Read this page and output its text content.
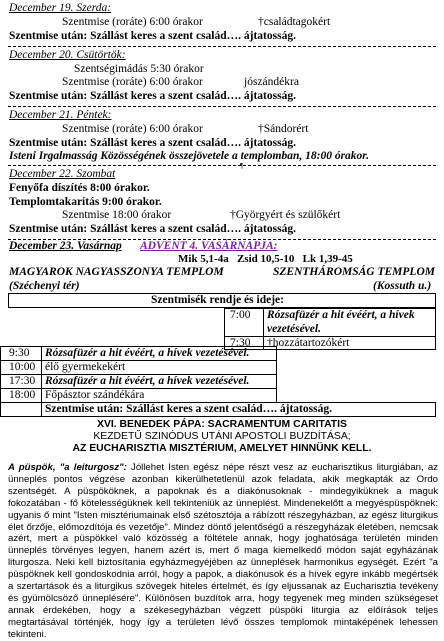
December 19. Szerda:
Szentmise (roráte) 6:00 órakor	†családtagokért
Szentmise után: Szállást keres a szent család…. ájtatosság.
December 20. Csütörtök:
Szentségimádás 5:30 órakor
Szentmise (roráte) 6:00 órakor	jószándékra
Szentmise után: Szállást keres a szent család…. ájtatosság.
December 21. Péntek:
Szentmise (roráte) 6:00 órakor	†Sándorért
Szentmise után: Szállást keres a szent család…. ájtatosság.
Isteni Irgalmasság Közösségének összejövetele a templomban, 18:00 órakor.
¶
December 22. Szombat
Fenyőfa díszítés 8:00 órakor.
Templomtakarítás 9:00 órakor.
Szentmise 18:00 órakor	†Györgyért és szülőkért
Szentmise után: Szállást keres a szent család…. ájtatosság.
December 23. Vasárnap ADVENT 4. VASÁRNAPJA:
Mik 5,1-4a   Zsid 10,5-10   Lk 1,39-45
MAGYAROK NAGYASSZONYA TEMPLOM
(Széchenyi tér)
SZENTHÁROMSÁG TEMPLOM
(Kossuth u.)
Szentmisék rendje és ideje:
7:00 Rózsafüzér a hit évéért, a hívek vezetésével.
7:30 †hozzátartozókért
9:30 Rózsafüzér a hit évéért, a hívek vezetésével.
10:00 élő gyermekekért
17:30 Rózsafüzér a hit évéért, a hívek vezetésével.
18:00 Főpásztor szándékára
Szentmise után: Szállást keres a szent család…. ájtatosság.
XVI. BENEDEK PÁPA: SACRAMENTUM CARITATIS
KEZDETŰ SZINÓDUS UTÁNI APOSTOLI BUZDÍTÁSA;
AZ EUCHARISZTIA MISZTÉRIUM, AMELYET HINNÜNK KELL.
A püspök, "a leiturgosz": Jóllehet Isten egész népe részt vesz az eucharisztikus liturgiában, az ünneplés pontos végzése azonban kikerülhetetlenül azok feladata, akik megkapták az Ordo szentségét. A püspököknek, a papoknak és a diakónusoknak - mindegyiküknek a maguk fokozatában - fő kötelességüknek kell tekinteniük az ünneplést. Mindenekelőtt a megyéspüspöknek: ugyanis ő mint "Isten misztériumainak első szétosztója a rábízott részegyházban, az egész liturgikus élet őrzője, előmozdítója és vezetője". Mindez döntő jelentőségű a részegyházak életében, nemcsak azért, mert a püspökkel való közösség a föltétele annak, hogy joghatósága területén minden ünneplés törvényes legyen, hanem azért is, mert ő maga kiemelkedő módon saját egyházának liturgosza. Neki kell biztosítania egyházmegyéjében az ünneplések harmonikus egységét. Ezért "a püspöknek kell gondoskodnia arról, hogy a papok, a diakónusok és a hívek egyre inkább megértsék a szertartások és a liturgikus szövegek hiteles értelmét, és így eljussanak az Eucharisztia tevékeny és gyümölcsöző ünneplésére". Különösen buzdítok arra, hogy tegyenek meg minden szükségeset annak érdekében, hogy a székesegyházban végzett püspöki liturgia az előírások teljes megtartásával történjék, hogy így a területen lévő összes templomok mintaképének lehessen tekinteni.
